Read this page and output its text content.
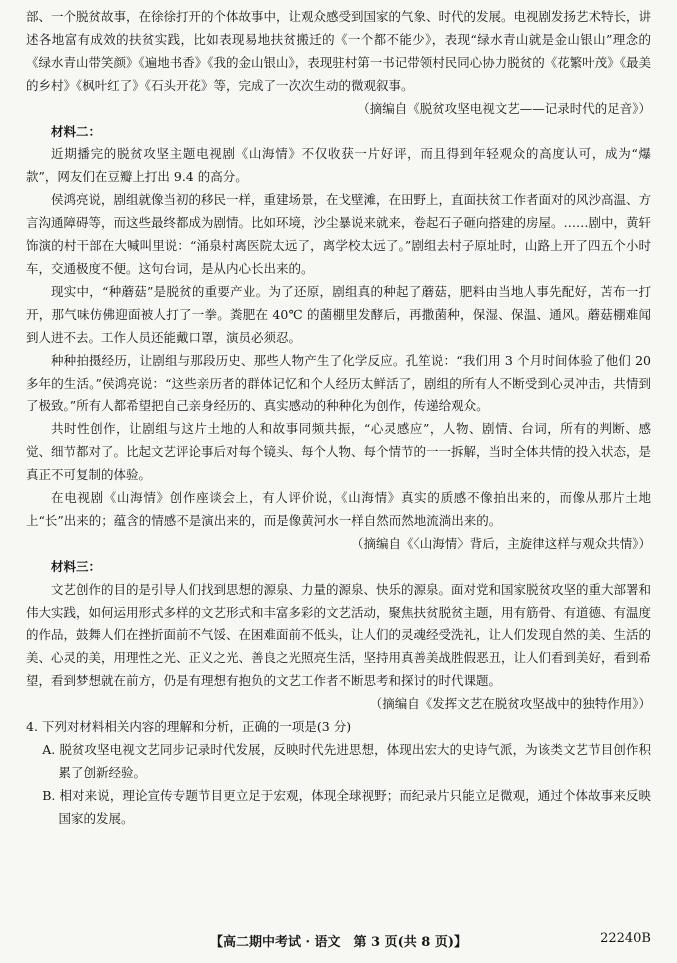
部、一个脱贫故事，在徐徐打开的个体故事中，让观众感受到国家的气象、时代的发展。电视剧发扬艺术特长，讲述各地富有成效的扶贫实践，比如表现易地扶贫搬迁的《一个都不能少》，表现“绿水青山就是金山银山”理念的《绿水青山带笑颜》《遍地书香》《我的金山银山》，表现驻村第一书记带领村民同心协力脱贫的《花繁叶茂》《最美的乡村》《枫叶红了》《石头开花》等，完成了一次次生动的微观叙事。

（摘编自《脱贫攻坚电视文艺——记录时代的足音》）

材料二：

近期播完的脱贫攻坚主题电视剧《山海情》不仅收获一片好评，而且得到年轻观众的高度认可，成为“爆款”，网友们在豆瓣上打出 9.4 的高分。

侯鸿亮说，剧组就像当初的移民一样，重建场景，在戈壁滩，在田野上，直面扶贫工作者面对的风沙高温、方言沟通障碍等，而这些最终都成为剧情。比如环境，沙尘暴说来就来，卷起石子砸向搭建的房屋。……剧中，黄轩饰演的村干部在大喊叫里说：“涌泉村离医院太远了，离学校太远了。”剧组去村子原址时，山路上开了四五个小时车，交通极度不便。这句台词，是从内心长出来的。

现实中，“种蘑菇”是脱贫的重要产业。为了还原，剧组真的种起了蘑菇，肥料由当地人事先配好，苫布一打开，那气味仿佛迎面被人打了一拳。粪肥在 40℃ 的菌棚里发酵后，再撒菌种，保湿、保温、通风。蘑菇棚难闻到人进不去。工作人员还能戴口罩，演员必须忍。

种种拍摄经历，让剧组与那段历史、那些人物产生了化学反应。孔笙说：“我们用 3 个月时间体验了他们 20 多年的生活。”侯鸿亮说：“这些亲历者的群体记忆和个人经历太鲜活了，剧组的所有人不断受到心灵冲击，共情到了极致。”所有人都希望把自己亲身经历的、真实感动的种种化为创作，传递给观众。

共时性创作，让剧组与这片土地的人和故事同频共振，“心灵感应”，人物、剧情、台词，所有的判断、感觉、细节都对了。比起文艺评论事后对每个镜头、每个人物、每个情节的一一拆解，当时全体共情的投入状态，是真正不可复制的体验。

在电视剧《山海情》创作座谈会上，有人评价说，《山海情》真实的质感不像拍出来的，而像从那片土地上“长”出来的；蕴含的情感不是演出来的，而是像黄河水一样自然而然地流淌出来的。

（摘编自《〈山海情〉背后，主旋律这样与观众共情》）

材料三：

文艺创作的目的是引导人们找到思想的源泉、力量的源泉、快乐的源泉。面对党和国家脱贫攻坚的重大部署和伟大实践，如何运用形式多样的文艺形式和丰富多彩的文艺活动，聚焦扶贫脱贫主题，用有筋骨、有道德、有温度的作品，鼓舞人们在挫折面前不气馁、在困难面前不低头，让人们的灵魂经受洗礼，让人们发现自然的美、生活的美、心灵的美，用理性之光、正义之光、善良之光照亮生活，坚持用真善美战胜假恶丑，让人们看到美好，看到希望，看到梦想就在前方，仍是有理想有抱负的文艺工作者不断思考和探讨的时代课题。

（摘编自《发挥文艺在脱贫攻坚战中的独特作用》）

4. 下列对材料相关内容的理解和分析，正确的一项是(3 分)

A. 脱贫攻坚电视文艺同步记录时代发展，反映时代先进思想，体现出宏大的史诗气派，为该类文艺节目创作积累了创新经验。

B. 相对来说，理论宣传专题节目更立足于宏观，体现全球视野；而纪录片只能立足微观，通过个体故事来反映国家的发展。

【高二期中考试 · 语文　第 3 页(共 8 页)】	22240B
